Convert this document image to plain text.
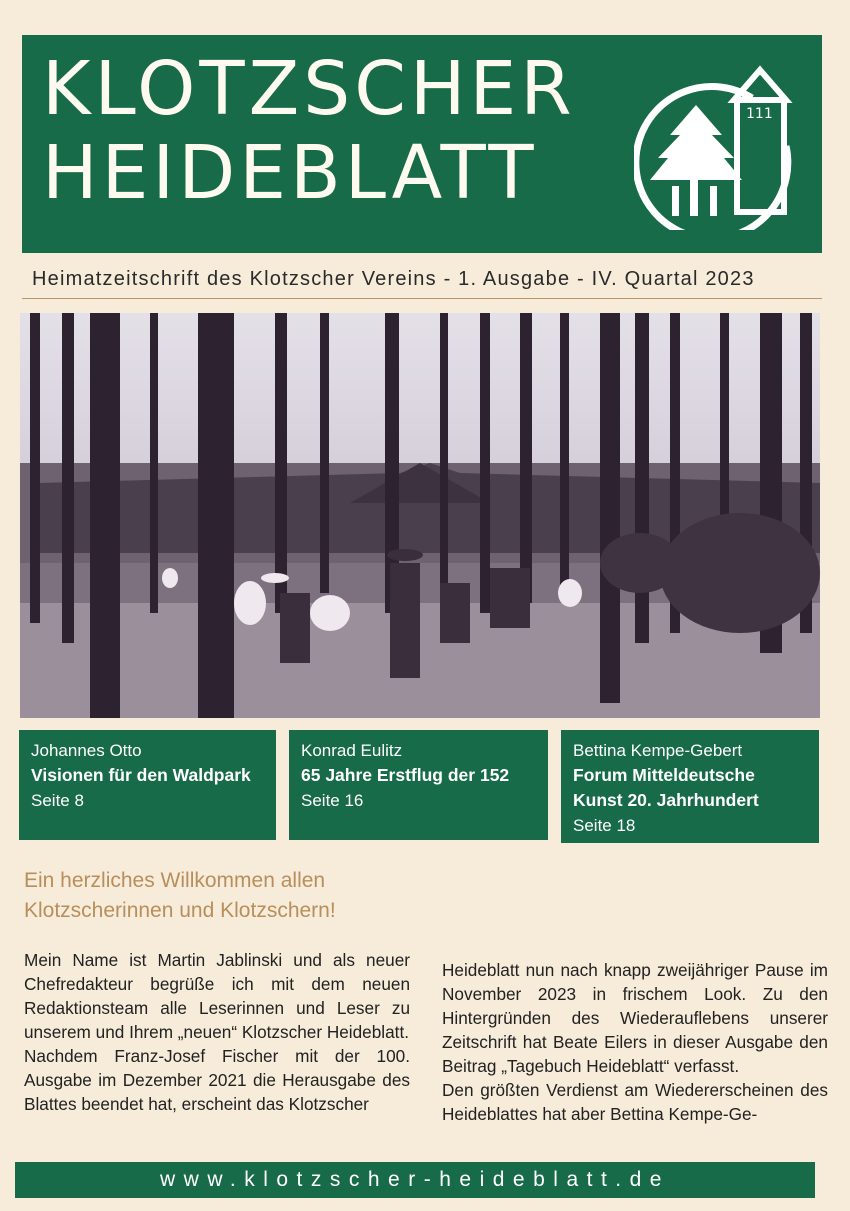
KLOTZSCHER
HEIDEBLATT
111
Heimatzeitschrift des Klotzscher Vereins - 1. Ausgabe - IV. Quartal 2023
Johannes Otto
Visionen für den Waldpark
Seite 8
Konrad Eulitz
65 Jahre Erstflug der 152
Seite 16
Bettina Kempe-Gebert
Forum Mitteldeutsche
Kunst 20. Jahrhundert
Seite 18
Ein herzliches Willkommen allen
Klotzscherinnen und Klotzschern!

Mein Name ist Martin Jablinski und als neuer Chefredakteur begrüße ich mit dem neuen Redaktionsteam alle Leserinnen und Leser zu unserem und Ihrem „neuen“ Klotzscher Heideblatt.

Nachdem Franz-Josef Fischer mit der 100. Ausgabe im Dezember 2021 die Herausgabe des Blattes beendet hat, erscheint das Klotzscher

Heideblatt nun nach knapp zweijähriger Pause im November 2023 in frischem Look. Zu den Hintergründen des Wiederauflebens unserer Zeitschrift hat Beate Eilers in dieser Ausgabe den Beitrag „Tagebuch Heideblatt“ verfasst.

Den größten Verdienst am Wiedererscheinen des Heideblattes hat aber Bettina Kempe-Ge-

www.klotzscher-heideblatt.de
